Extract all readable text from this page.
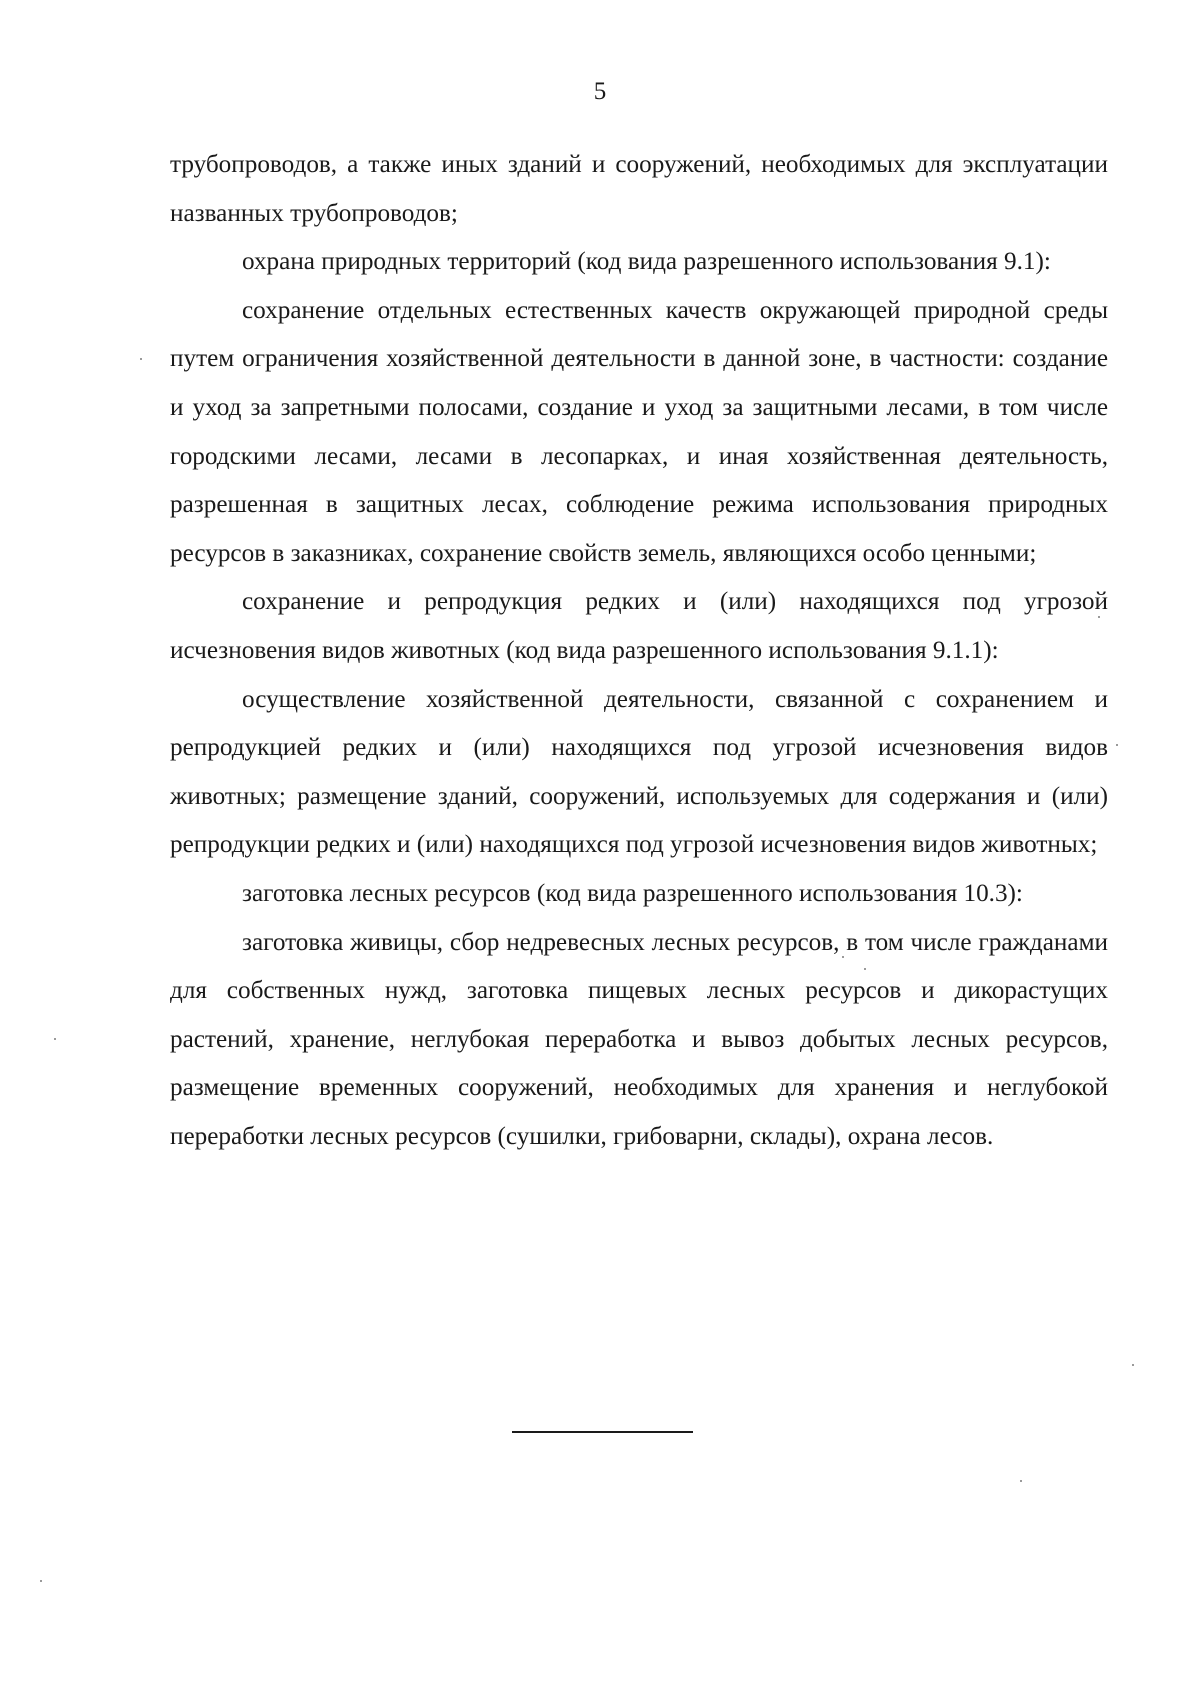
5

трубопроводов, а также иных зданий и сооружений, необходимых для эксплуатации названных трубопроводов;

охрана природных территорий (код вида разрешенного использования 9.1):

сохранение отдельных естественных качеств окружающей природной среды путем ограничения хозяйственной деятельности в данной зоне, в частности: создание и уход за запретными полосами, создание и уход за защитными лесами, в том числе городскими лесами, лесами в лесопарках, и иная хозяйственная деятельность, разрешенная в защитных лесах, соблюдение режима использования природных ресурсов в заказниках, сохранение свойств земель, являющихся особо ценными;

сохранение и репродукция редких и (или) находящихся под угрозой исчезновения видов животных (код вида разрешенного использования 9.1.1):

осуществление хозяйственной деятельности, связанной с сохранением и репродукцией редких и (или) находящихся под угрозой исчезновения видов животных; размещение зданий, сооружений, используемых для содержания и (или) репродукции редких и (или) находящихся под угрозой исчезновения видов животных;

заготовка лесных ресурсов (код вида разрешенного использования 10.3):

заготовка живицы, сбор недревесных лесных ресурсов, в том числе гражданами для собственных нужд, заготовка пищевых лесных ресурсов и дикорастущих растений, хранение, неглубокая переработка и вывоз добытых лесных ресурсов, размещение временных сооружений, необходимых для хранения и неглубокой переработки лесных ресурсов (сушилки, грибоварни, склады), охрана лесов.
